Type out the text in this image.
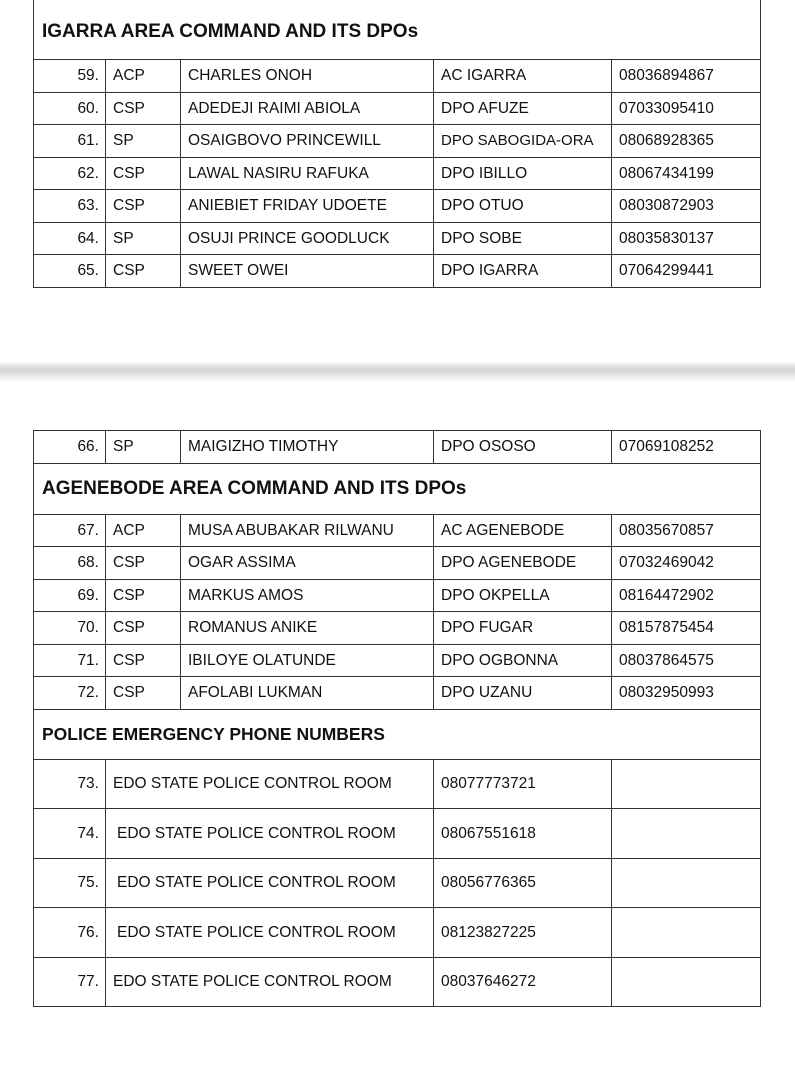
IGARRA AREA COMMAND AND ITS DPOs				
59.	ACP	CHARLES ONOH	AC IGARRA	08036894867
60.	CSP	ADEDEJI RAIMI ABIOLA	DPO AFUZE	07033095410
61.	SP	OSAIGBOVO PRINCEWILL	DPO SABOGIDA-ORA	08068928365
62.	CSP	LAWAL NASIRU RAFUKA	DPO IBILLO	08067434199
63.	CSP	ANIEBIET FRIDAY UDOETE	DPO OTUO	08030872903
64.	SP	OSUJI PRINCE GOODLUCK	DPO SOBE	08035830137
65.	CSP	SWEET OWEI	DPO IGARRA	07064299441
66.	SP	MAIGIZHO TIMOTHY	DPO OSOSO	07069108252
AGENEBODE AREA COMMAND AND ITS DPOs				
67.	ACP	MUSA ABUBAKAR RILWANU	AC AGENEBODE	08035670857
68.	CSP	OGAR ASSIMA	DPO AGENEBODE	07032469042
69.	CSP	MARKUS AMOS	DPO OKPELLA	08164472902
70.	CSP	ROMANUS ANIKE	DPO FUGAR	08157875454
71.	CSP	IBILOYE OLATUNDE	DPO OGBONNA	08037864575
72.	CSP	AFOLABI LUKMAN	DPO UZANU	08032950993
POLICE EMERGENCY PHONE NUMBERS				
73.	EDO STATE POLICE CONTROL ROOM		08077773721	
74.	EDO STATE POLICE CONTROL ROOM		08067551618	
75.	EDO STATE POLICE CONTROL ROOM		08056776365	
76.	EDO STATE POLICE CONTROL ROOM		08123827225	
77.	EDO STATE POLICE CONTROL ROOM		08037646272	
